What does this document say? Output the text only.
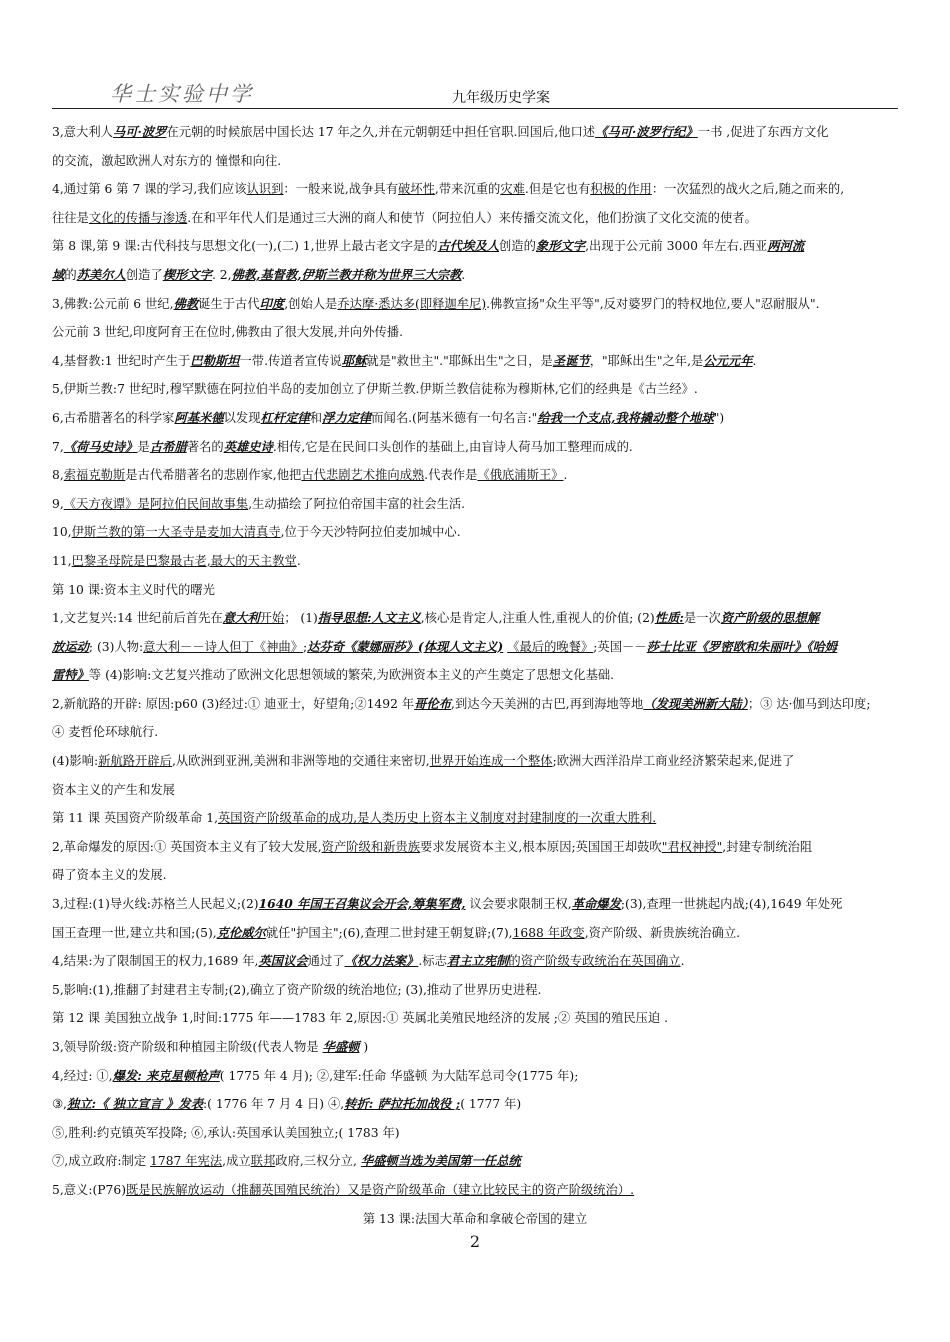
华士实验中学	九年级历史学案
3,意大利人马可·波罗在元朝的时候旅居中国长达 17 年之久,并在元朝朝廷中担任官职.回国后,他口述《马可·波罗行纪》一书 ,促进了东西方文化
的交流，激起欧洲人对东方的 憧憬和向往.
4,通过第 6 第 7 课的学习,我们应该认识到：一般来说,战争具有破坏性,带来沉重的灾难.但是它也有积极的作用：一次猛烈的战火之后,随之而来的,
往往是文化的传播与渗透.在和平年代人们是通过三大洲的商人和使节（阿拉伯人）来传播交流文化，他们扮演了文化交流的使者。
第 8 课,第 9 课:古代科技与思想文化(一),(二) 1,世界上最古老文字是的古代埃及人创造的象形文字,出现于公元前 3000 年左右.西亚两河流
域的苏美尔人创造了楔形文字. 2,佛教,基督教,伊斯兰教并称为世界三大宗教.
3,佛教:公元前 6 世纪,佛教诞生于古代印度,创始人是乔达摩·悉达多(即释迦牟尼).佛教宣扬"众生平等",反对婆罗门的特权地位,要人"忍耐服从".
公元前 3 世纪,印度阿育王在位时,佛教由了很大发展,并向外传播.
4,基督教:1 世纪时产生于巴勒斯坦一带.传道者宣传说耶稣就是"救世主"."耶稣出生"之日，是圣诞节，"耶稣出生"之年,是公元元年.
5,伊斯兰教:7 世纪时,穆罕默德在阿拉伯半岛的麦加创立了伊斯兰教.伊斯兰教信徒称为穆斯林,它们的经典是《古兰经》.
6,古希腊著名的科学家阿基米德以发现杠杆定律和浮力定律而闻名.(阿基米德有一句名言:"给我一个支点,我将撬动整个地球")
7,《荷马史诗》是古希腊著名的英雄史诗.相传,它是在民间口头创作的基础上,由盲诗人荷马加工整理而成的.
8,索福克勒斯是古代希腊著名的悲剧作家,他把古代悲剧艺术推向成熟.代表作是《俄底浦斯王》.
9,《天方夜谭》是阿拉伯民间故事集,生动描绘了阿拉伯帝国丰富的社会生活.
10,伊斯兰教的第一大圣寺是麦加大清真寺,位于今天沙特阿拉伯麦加城中心.
11,巴黎圣母院是巴黎最古老,最大的天主教堂.
第 10 课:资本主义时代的曙光
1,文艺复兴:14 世纪前后首先在意大利开始； (1)指导思想:人文主义,核心是肯定人,注重人性,重视人的价值; (2)性质:是一次资产阶级的思想解
放运动; (3)人物:意大利－－诗人但丁《神曲》;达芬奇《蒙娜丽莎》(体现人文主义) 《最后的晚餐》;英国－－莎士比亚《罗密欧和朱丽叶》《哈姆
雷特》等 (4)影响:文艺复兴推动了欧洲文化思想领域的繁荣,为欧洲资本主义的产生奠定了思想文化基础.
2,新航路的开辟: 原因:p60 (3)经过:① 迪亚士，好望角;②1492 年哥伦布,到达今天美洲的古巴,再到海地等地（发现美洲新大陆）；③ 达·伽马到达印度;
④ 麦哲伦环球航行.
(4)影响:新航路开辟后,从欧洲到亚洲,美洲和非洲等地的交通往来密切,世界开始连成一个整体;欧洲大西洋沿岸工商业经济繁荣起来,促进了
资本主义的产生和发展
第 11 课 英国资产阶级革命 1,英国资产阶级革命的成功,是人类历史上资本主义制度对封建制度的一次重大胜利.
2,革命爆发的原因:① 英国资本主义有了较大发展,资产阶级和新贵族要求发展资本主义,根本原因;英国国王却鼓吹"君权神授",封建专制统治阻
碍了资本主义的发展.
3,过程:(1)导火线:苏格兰人民起义;(2)1640 年国王召集议会开会,筹集军费, 议会要求限制王权,革命爆发;(3),查理一世挑起内战;(4),1649 年处死
国王查理一世,建立共和国;(5),克伦威尔就任"护国主";(6),查理二世封建王朝复辟;(7),1688 年政变,资产阶级、新贵族统治确立.
4,结果:为了限制国王的权力,1689 年,英国议会通过了《权力法案》.标志君主立宪制的资产阶级专政统治在英国确立.
5,影响:(1),推翻了封建君主专制;(2),确立了资产阶级的统治地位; (3),推动了世界历史进程.
第 12 课 美国独立战争 1,时间:1775 年——1783 年 2,原因:① 英属北美殖民地经济的发展 ;② 英国的殖民压迫 .
3,领导阶级:资产阶级和种植园主阶级(代表人物是 华盛顿 )
4,经过: ①,爆发: 来克星顿枪声( 1775 年 4 月); ②,建军:任命 华盛顿 为大陆军总司令(1775 年);
③,独立:《 独立宣言 》发表:( 1776 年 7 月 4 日) ④,转折: 萨拉托加战役 ;( 1777 年)
⑤,胜利:约克镇英军投降; ⑥,承认:英国承认美国独立;( 1783 年)
⑦,成立政府:制定 1787 年宪法,成立联邦政府,三权分立, 华盛顿当选为美国第一任总统
5,意义:(P76)既是民族解放运动（推翻英国殖民统治）又是资产阶级革命（建立比较民主的资产阶级统治）.
第 13 课:法国大革命和拿破仑帝国的建立
2
